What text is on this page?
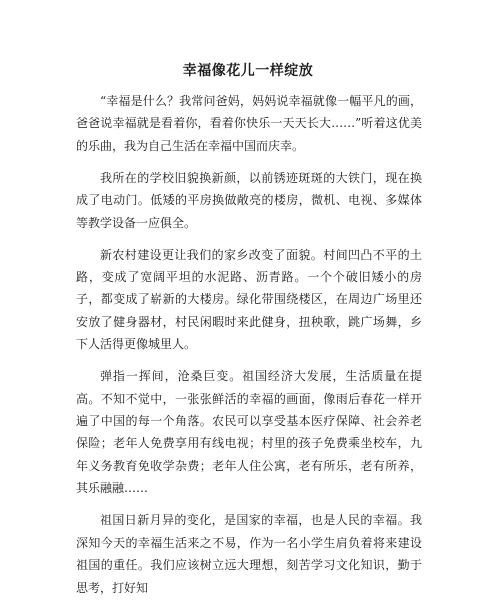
幸福像花儿一样绽放

“幸福是什么？我常问爸妈，妈妈说幸福就像一幅平凡的画，爸爸说幸福就是看着你，看着你快乐一天天长大……”听着这优美的乐曲，我为自己生活在幸福中国而庆幸。

我所在的学校旧貌换新颜，以前锈迹斑斑的大铁门，现在换成了电动门。低矮的平房换做敞亮的楼房，微机、电视、多媒体等教学设备一应俱全。

新农村建设更让我们的家乡改变了面貌。村间凹凸不平的土路，变成了宽阔平坦的水泥路、沥青路。一个个破旧矮小的房子，都变成了崭新的大楼房。绿化带围绕楼区，在周边广场里还安放了健身器材，村民闲暇时来此健身，扭秧歌，跳广场舞，乡下人活得更像城里人。

弹指一挥间，沧桑巨变。祖国经济大发展，生活质量在提高。不知不觉中，一张张鲜活的幸福的画面，像雨后春花一样开遍了中国的每一个角落。农民可以享受基本医疗保障、社会养老保险；老年人免费享用有线电视；村里的孩子免费乘坐校车，九年义务教育免收学杂费；老年人住公寓，老有所乐，老有所养，其乐融融……

祖国日新月异的变化，是国家的幸福，也是人民的幸福。我深知今天的幸福生活来之不易，作为一名小学生肩负着将来建设祖国的重任。我们应该树立远大理想，刻苦学习文化知识，勤于思考，打好知
